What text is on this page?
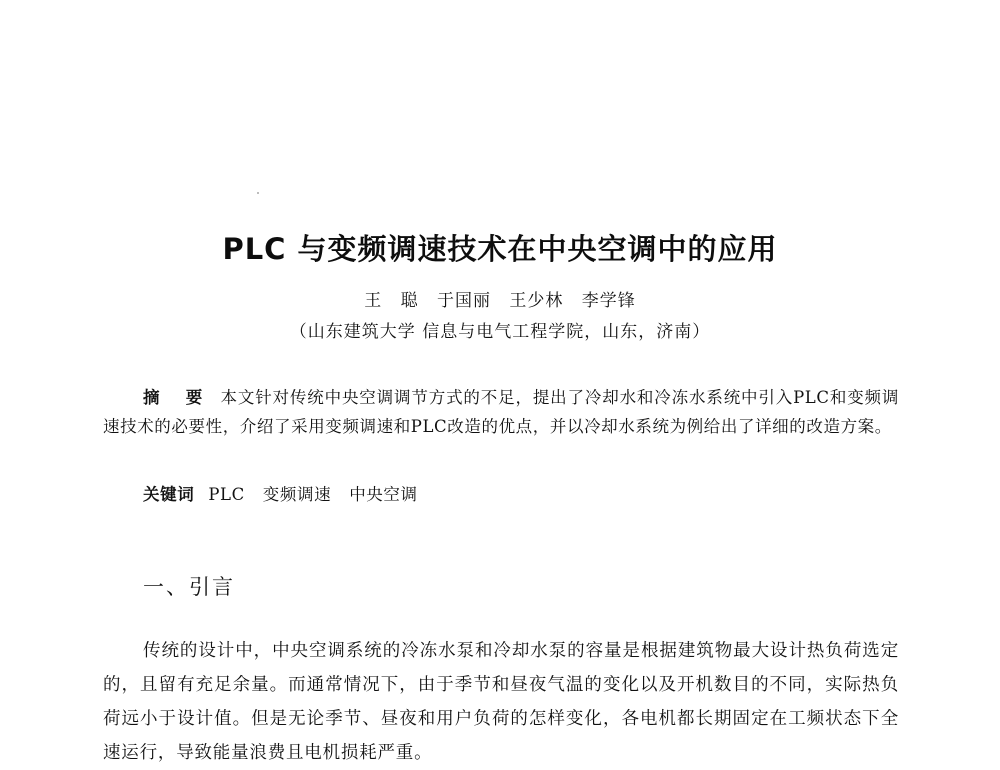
PLC 与变频调速技术在中央空调中的应用
王 聪 于国丽 王少林 李学锋
（山东建筑大学 信息与电气工程学院，山东，济南）

摘 要 本文针对传统中央空调调节方式的不足，提出了冷却水和冷冻水系统中引入PLC和变频调速技术的必要性，介绍了采用变频调速和PLC改造的优点，并以冷却水系统为例给出了详细的改造方案。

关键词 PLC 变频调速 中央空调

一、引言

传统的设计中，中央空调系统的冷冻水泵和冷却水泵的容量是根据建筑物最大设计热负荷选定的，且留有充足余量。而通常情况下，由于季节和昼夜气温的变化以及开机数目的不同，实际热负荷远小于设计值。但是无论季节、昼夜和用户负荷的怎样变化，各电机都长期固定在工频状态下全速运行，导致能量浪费且电机损耗严重。
